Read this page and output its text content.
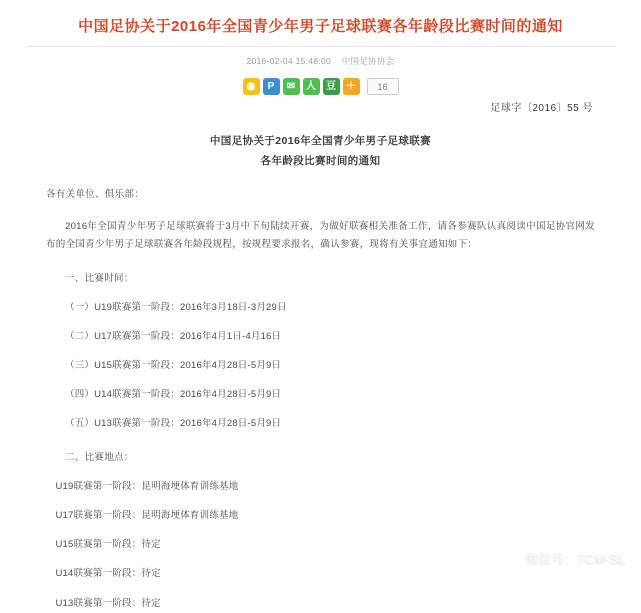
中国足协关于2016年全国青少年男子足球联赛各年龄段比赛时间的通知
2016-02-04 15:48:00 中国足协协会
◉	P	✉	人	豆	＋	16
足球字〔2016〕55 号
中国足协关于2016年全国青少年男子足球联赛
各年龄段比赛时间的通知
各有关单位、俱乐部：
2016年全国青少年男子足球联赛将于3月中下旬陆续开赛，为做好联赛相关准备工作，请各参赛队认真阅读中国足协官网发布的全国青少年男子足球联赛各年龄段规程，按规程要求报名，确认参赛，现将有关事宜通知如下：
一、比赛时间：
（一）U19联赛第一阶段：2016年3月18日-3月29日
（二）U17联赛第一阶段：2016年4月1日-4月16日
（三）U15联赛第一阶段：2016年4月28日-5月9日
（四）U14联赛第一阶段：2016年4月28日-5月9日
（五）U13联赛第一阶段：2016年4月28日-5月9日
二、比赛地点：
U19联赛第一阶段：昆明海埂体育训练基地
U17联赛第一阶段：昆明海埂体育训练基地
U15联赛第一阶段：待定
U14联赛第一阶段：待定
U13联赛第一阶段：待定
微信号：TCM-SL
